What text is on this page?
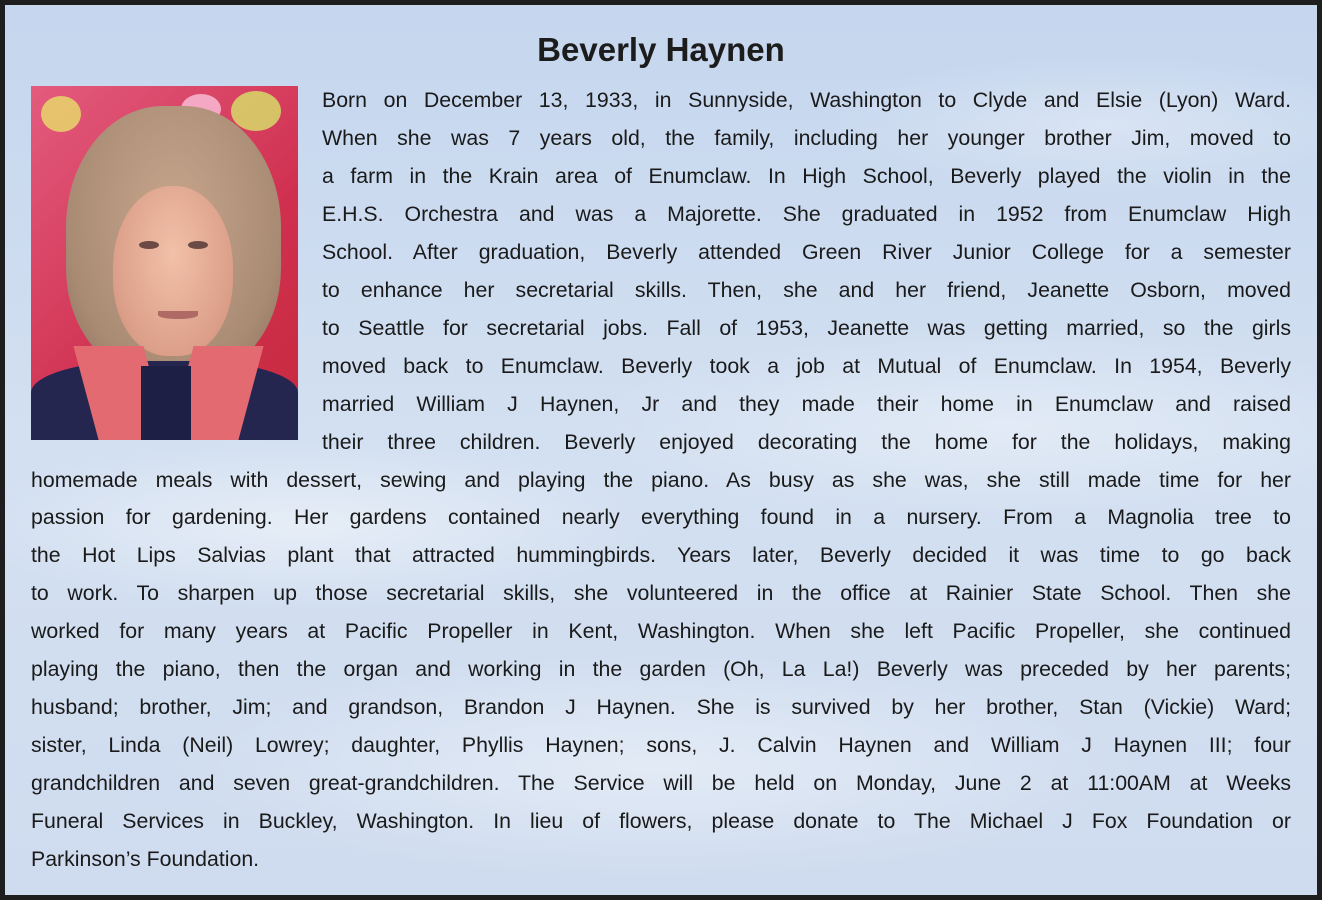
Beverly Haynen
Born on December 13, 1933, in Sunnyside, Washington to Clyde and Elsie (Lyon) Ward.
When she was 7 years old, the family, including her younger brother Jim, moved to
a farm in the Krain area of Enumclaw. In High School, Beverly played the violin in the
E.H.S. Orchestra and was a Majorette. She graduated in 1952 from Enumclaw High
School. After graduation, Beverly attended Green River Junior College for a semester
to enhance her secretarial skills. Then, she and her friend, Jeanette Osborn, moved
to Seattle for secretarial jobs. Fall of 1953, Jeanette was getting married, so the girls
moved back to Enumclaw. Beverly took a job at Mutual of Enumclaw. In 1954, Beverly
married William J Haynen, Jr and they made their home in Enumclaw and raised
their three children. Beverly enjoyed decorating the home for the holidays, making
homemade meals with dessert, sewing and playing the piano. As busy as she was, she still made time for her
passion for gardening. Her gardens contained nearly everything found in a nursery. From a Magnolia tree to
the Hot Lips Salvias plant that attracted hummingbirds. Years later, Beverly decided it was time to go back
to work. To sharpen up those secretarial skills, she volunteered in the office at Rainier State School. Then she
worked for many years at Pacific Propeller in Kent, Washington. When she left Pacific Propeller, she continued
playing the piano, then the organ and working in the garden (Oh, La La!) Beverly was preceded by her parents;
husband; brother, Jim; and grandson, Brandon J Haynen. She is survived by her brother, Stan (Vickie) Ward;
sister, Linda (Neil) Lowrey; daughter, Phyllis Haynen; sons, J. Calvin Haynen and William J Haynen III; four
grandchildren and seven great-grandchildren. The Service will be held on Monday, June 2 at 11:00AM at Weeks
Funeral Services in Buckley, Washington. In lieu of flowers, please donate to The Michael J Fox Foundation or
Parkinson’s Foundation.
